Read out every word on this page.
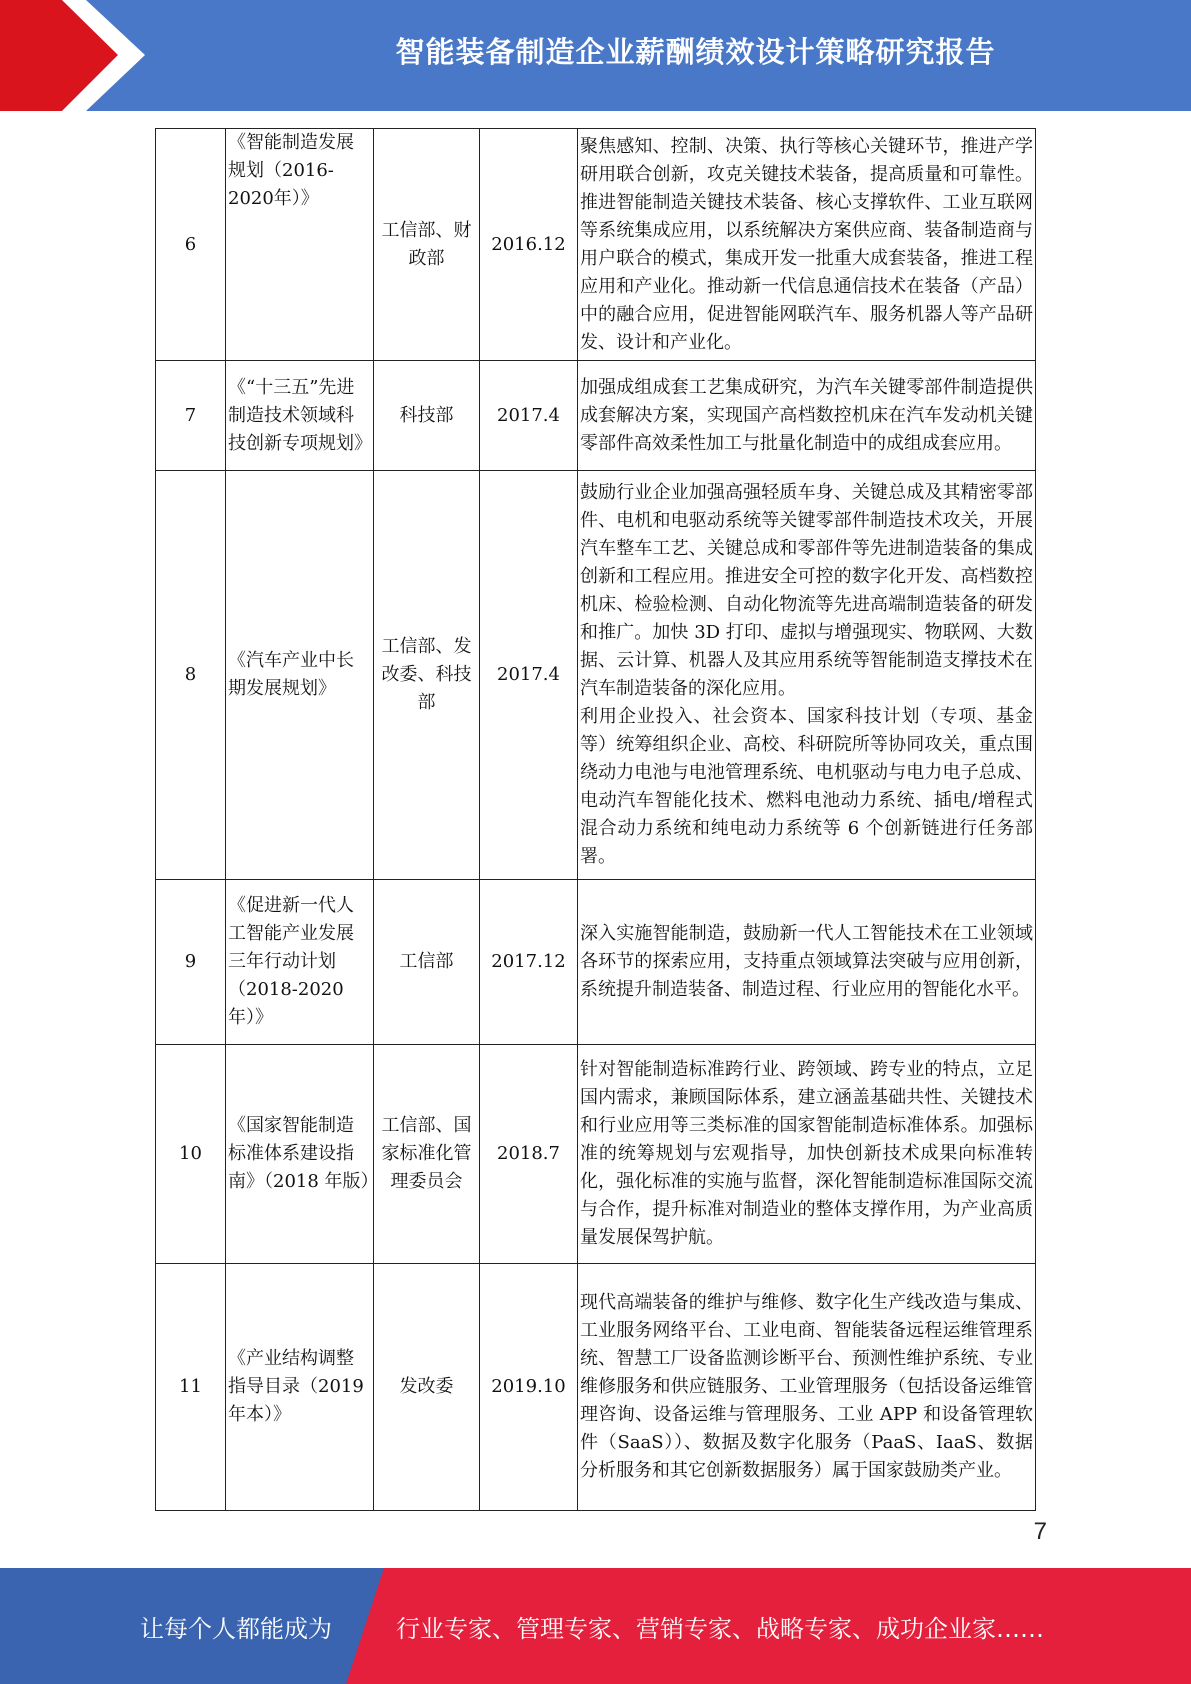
智能装备制造企业薪酬绩效设计策略研究报告
6	《智能制造发展规划（2016-2020年）》	工信部、财政部	2016.12	聚焦感知、控制、决策、执行等核心关键环节，推进产学研用联合创新，攻克关键技术装备，提高质量和可靠性。推进智能制造关键技术装备、核心支撑软件、工业互联网等系统集成应用，以系统解决方案供应商、装备制造商与用户联合的模式，集成开发一批重大成套装备，推进工程应用和产业化。推动新一代信息通信技术在装备（产品）中的融合应用，促进智能网联汽车、服务机器人等产品研发、设计和产业化。

7	《“十三五”先进制造技术领域科技创新专项规划》	科技部	2017.4	加强成组成套工艺集成研究，为汽车关键零部件制造提供成套解决方案，实现国产高档数控机床在汽车发动机关键零部件高效柔性加工与批量化制造中的成组成套应用。

8	《汽车产业中长期发展规划》	工信部、发改委、科技部	2017.4	鼓励行业企业加强高强轻质车身、关键总成及其精密零部件、电机和电驱动系统等关键零部件制造技术攻关，开展汽车整车工艺、关键总成和零部件等先进制造装备的集成创新和工程应用。推进安全可控的数字化开发、高档数控机床、检验检测、自动化物流等先进高端制造装备的研发和推广。加快 3D 打印、虚拟与增强现实、物联网、大数据、云计算、机器人及其应用系统等智能制造支撑技术在汽车制造装备的深化应用。

利用企业投入、社会资本、国家科技计划（专项、基金等）统筹组织企业、高校、科研院所等协同攻关，重点围绕动力电池与电池管理系统、电机驱动与电力电子总成、电动汽车智能化技术、燃料电池动力系统、插电/增程式混合动力系统和纯电动力系统等 6 个创新链进行任务部署。

9	《促进新一代人工智能产业发展三年行动计划（2018-2020年）》	工信部	2017.12	深入实施智能制造，鼓励新一代人工智能技术在工业领域各环节的探索应用，支持重点领域算法突破与应用创新，系统提升制造装备、制造过程、行业应用的智能化水平。

10	《国家智能制造标准体系建设指南》（2018 年版）	工信部、国家标准化管理委员会	2018.7	针对智能制造标准跨行业、跨领域、跨专业的特点，立足国内需求，兼顾国际体系，建立涵盖基础共性、关键技术和行业应用等三类标准的国家智能制造标准体系。加强标准的统筹规划与宏观指导，加快创新技术成果向标准转化，强化标准的实施与监督，深化智能制造标准国际交流与合作，提升标准对制造业的整体支撑作用，为产业高质量发展保驾护航。

11	《产业结构调整指导目录（2019年本）》	发改委	2019.10	现代高端装备的维护与维修、数字化生产线改造与集成、工业服务网络平台、工业电商、智能装备远程运维管理系统、智慧工厂设备监测诊断平台、预测性维护系统、专业维修服务和供应链服务、工业管理服务（包括设备运维管理咨询、设备运维与管理服务、工业 APP 和设备管理软件（SaaS））、数据及数字化服务（PaaS、IaaS、数据分析服务和其它创新数据服务）属于国家鼓励类产业。

7
让每个人都能成为	行业专家、管理专家、营销专家、战略专家、成功企业家……
